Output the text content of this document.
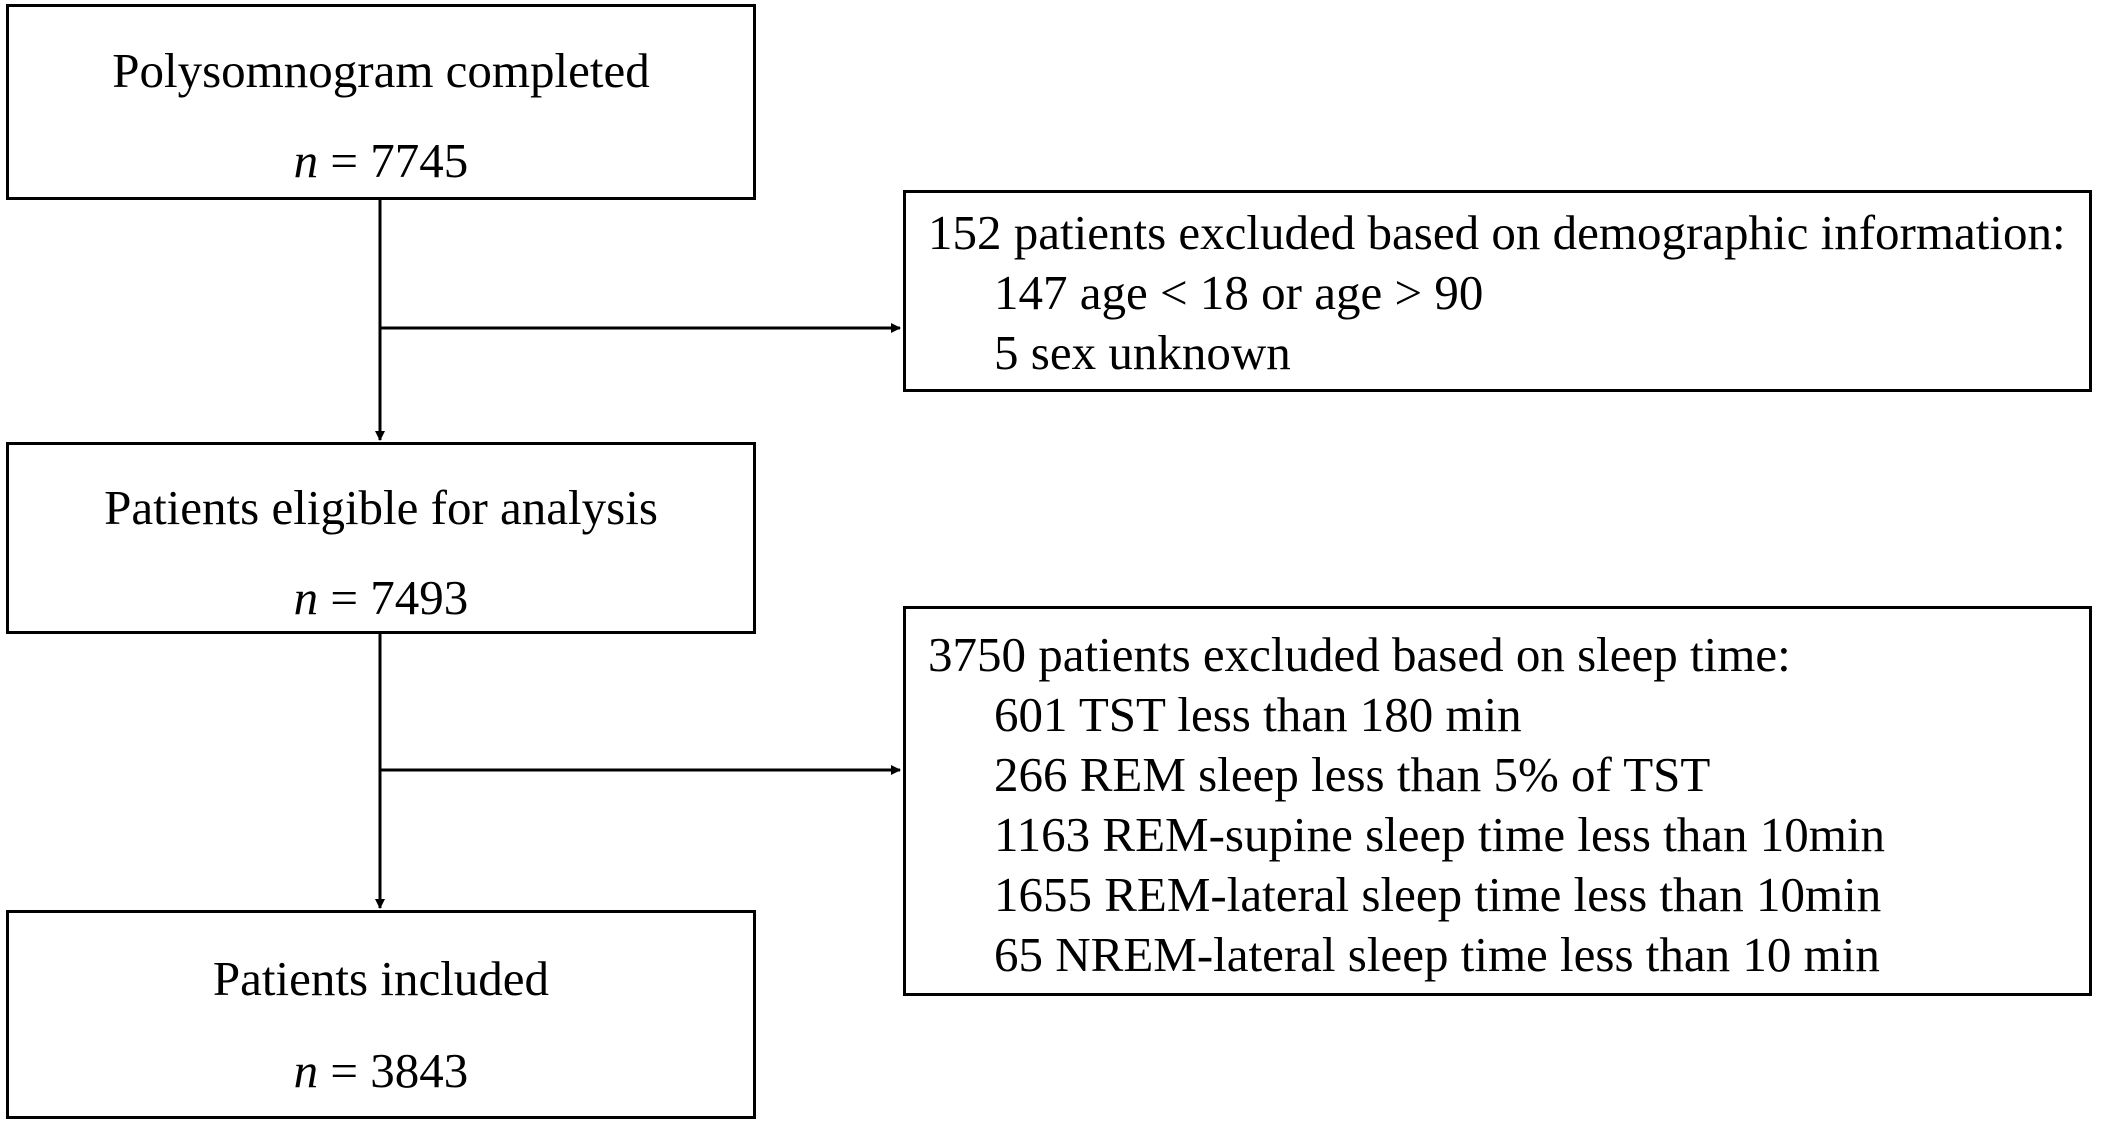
Polysomnogram completed
n = 7745
Patients eligible for analysis
n = 7493
Patients included
n = 3843
152 patients excluded based on demographic information:
147 age < 18 or age > 90
5 sex unknown
3750 patients excluded based on sleep time:
601 TST less than 180 min
266 REM sleep less than 5% of TST
1163 REM-supine sleep time less than 10min
1655 REM-lateral sleep time less than 10min
65 NREM-lateral sleep time less than 10 min
